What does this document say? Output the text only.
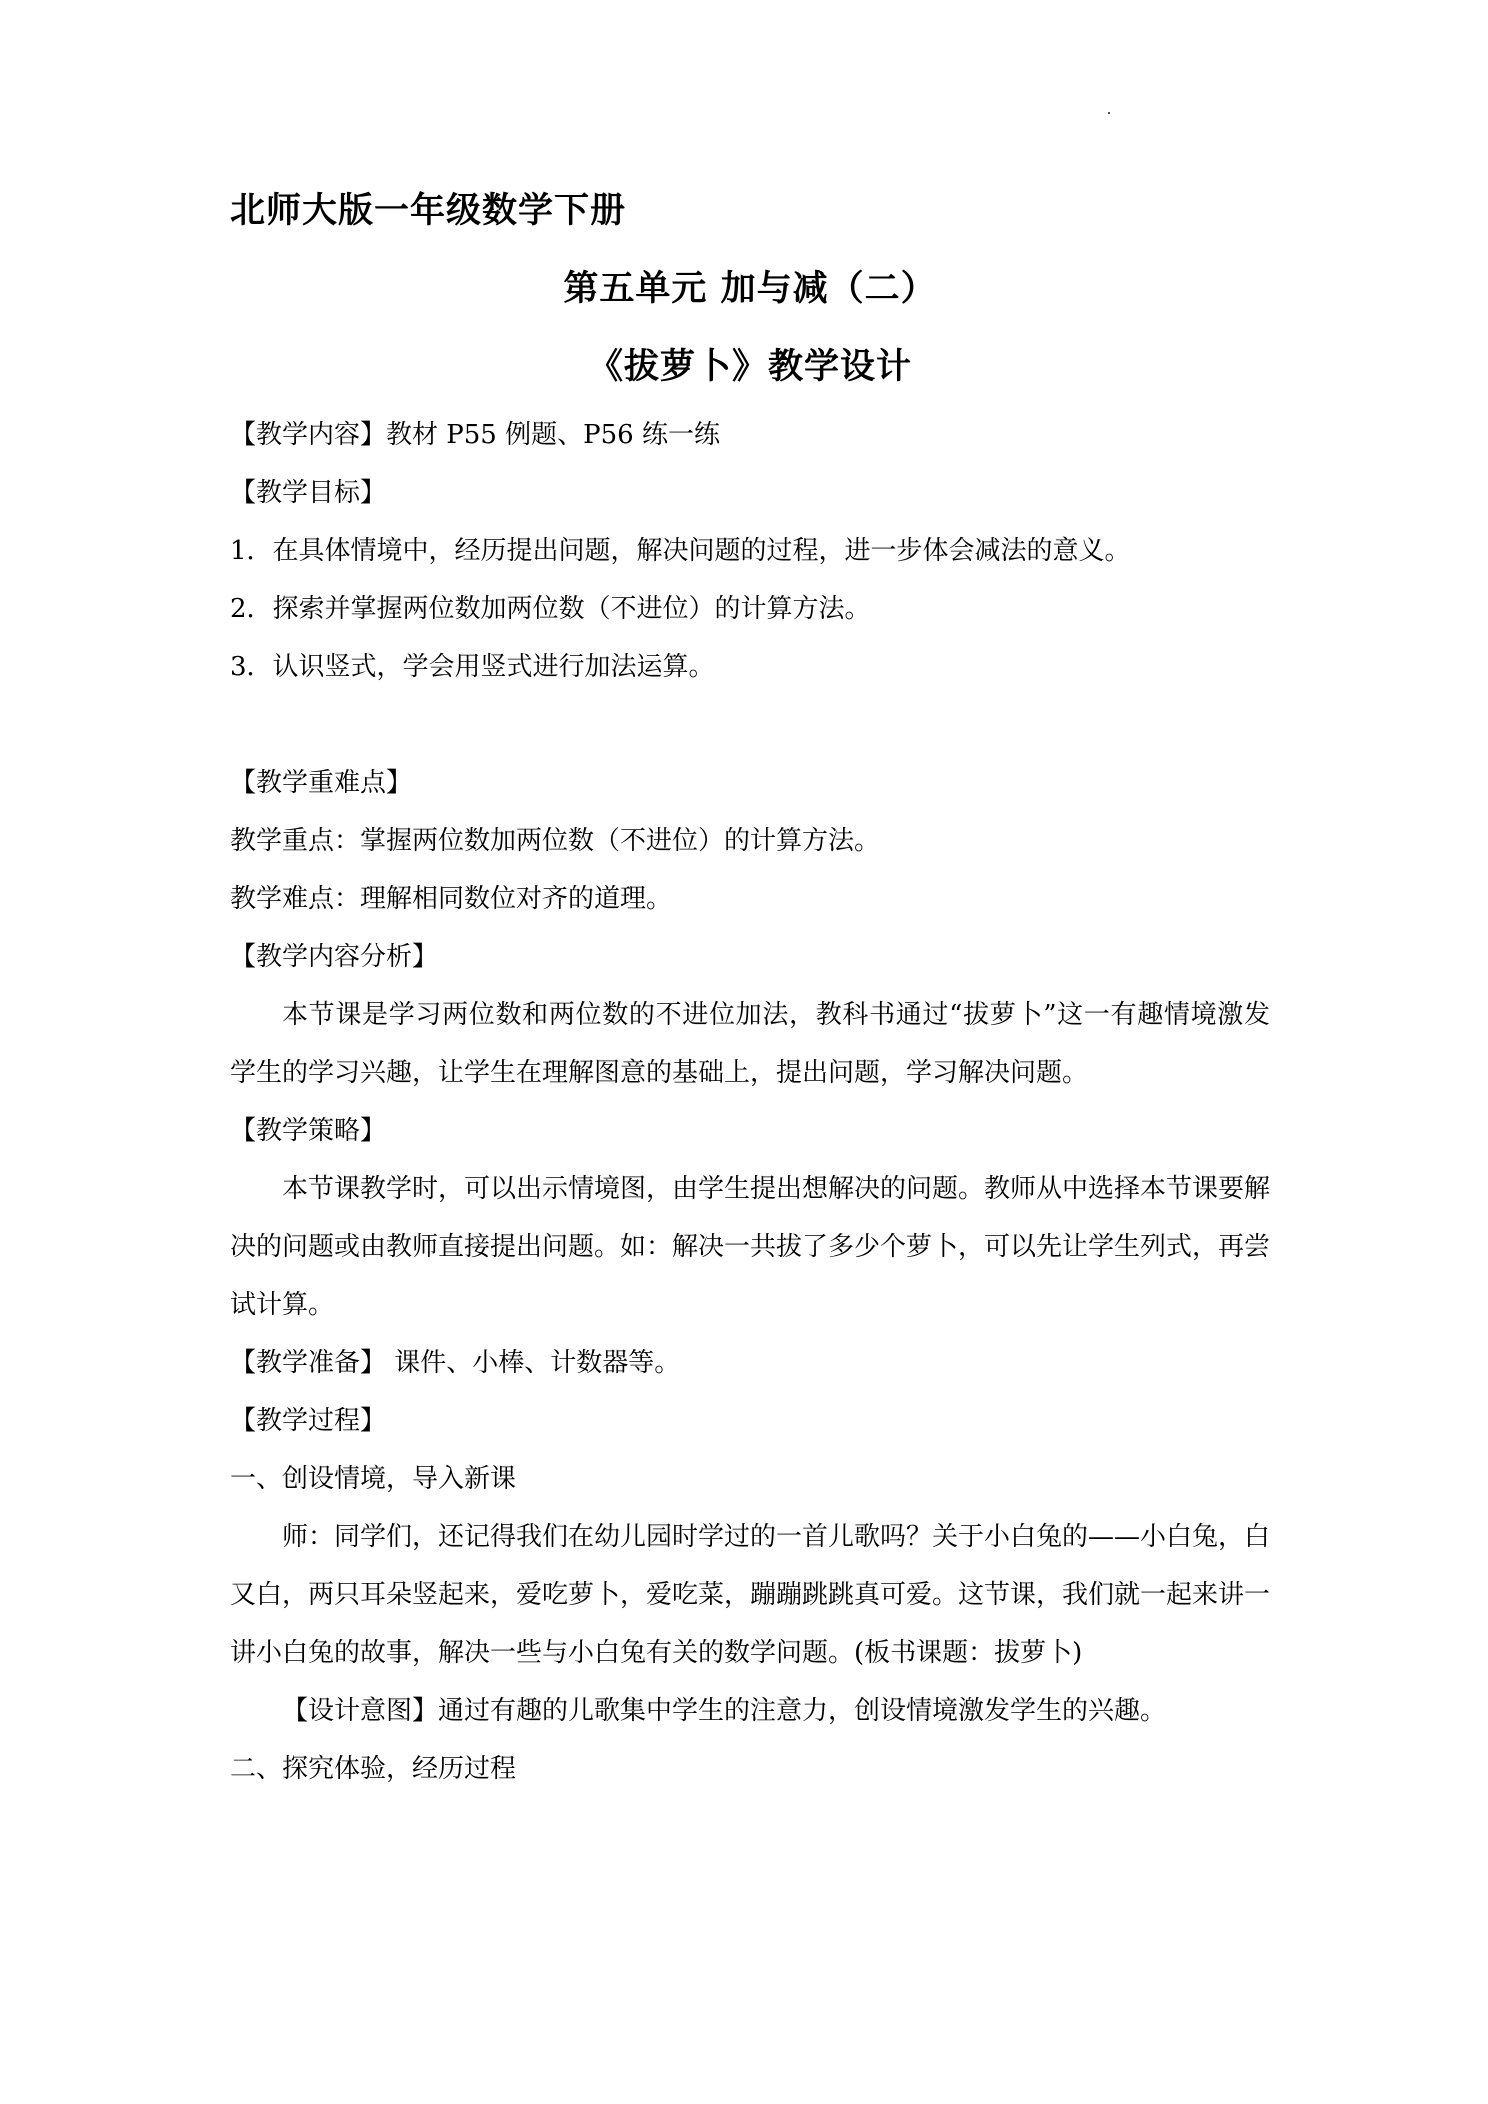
北师大版一年级数学下册
第五单元 加与减（二）
《拔萝卜》教学设计
【教学内容】教材 P55 例题、P56 练一练
【教学目标】
1．在具体情境中，经历提出问题，解决问题的过程，进一步体会减法的意义。
2．探索并掌握两位数加两位数（不进位）的计算方法。
3．认识竖式，学会用竖式进行加法运算。
【教学重难点】
教学重点：掌握两位数加两位数（不进位）的计算方法。
教学难点：理解相同数位对齐的道理。
【教学内容分析】

本节课是学习两位数和两位数的不进位加法，教科书通过“拔萝卜”这一有趣情境激发学生的学习兴趣，让学生在理解图意的基础上，提出问题，学习解决问题。

【教学策略】

本节课教学时，可以出示情境图，由学生提出想解决的问题。教师从中选择本节课要解决的问题或由教师直接提出问题。如：解决一共拔了多少个萝卜，可以先让学生列式，再尝试计算。

【教学准备】 课件、小棒、计数器等。
【教学过程】
一、创设情境，导入新课

师：同学们，还记得我们在幼儿园时学过的一首儿歌吗？关于小白兔的——小白兔，白又白，两只耳朵竖起来，爱吃萝卜，爱吃菜，蹦蹦跳跳真可爱。这节课，我们就一起来讲一讲小白兔的故事，解决一些与小白兔有关的数学问题。(板书课题：拔萝卜)

【设计意图】通过有趣的儿歌集中学生的注意力，创设情境激发学生的兴趣。

二、探究体验，经历过程
